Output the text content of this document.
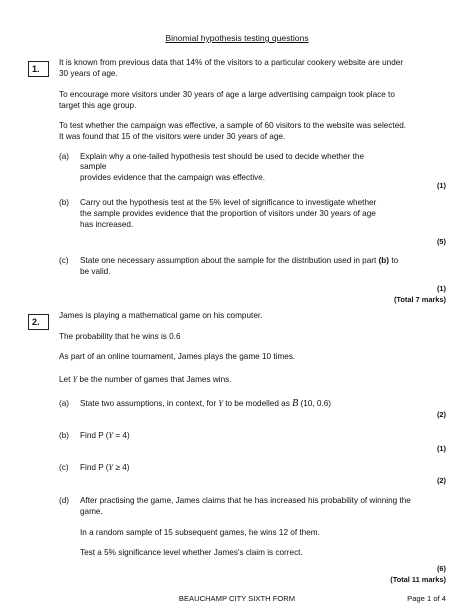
Binomial hypothesis testing questions

1.

It is known from previous data that 14% of the visitors to a particular cookery website are under

30 years of age.

To encourage more visitors under 30 years of age a large advertising campaign took place to

target this age group.

To test whether the campaign was effective, a sample of 60 visitors to the website was selected.

It was found that 15 of the visitors were under 30 years of age.

(a) Explain why a one-tailed hypothesis test should be used to decide whether the

sample

provides evidence that the campaign was effective.

(1)

(b) Carry out the hypothesis test at the 5% level of significance to investigate whether

the sample provides evidence that the proportion of visitors under 30 years of age

has increased.

(5)

(c) State one necessary assumption about the sample for the distribution used in part (b) to

be valid.

(1)

(Total 7 marks)

2.

James is playing a mathematical game on his computer.

The probability that he wins is 0.6

As part of an online tournament, James plays the game 10 times.

Let Y be the number of games that James wins.

(a) State two assumptions, in context, for Y to be modelled as B (10, 0.6)

(2)

(b) Find P (Y = 4)

(1)

(c) Find P (Y ≥ 4)

(2)

(d) After practising the game, James claims that he has increased his probability of winning the

game.

In a random sample of 15 subsequent games, he wins 12 of them.

Test a 5% significance level whether James's claim is correct.

(6)

(Total 11 marks)

BEAUCHAMP CITY SIXTH FORM	Page 1 of 4
